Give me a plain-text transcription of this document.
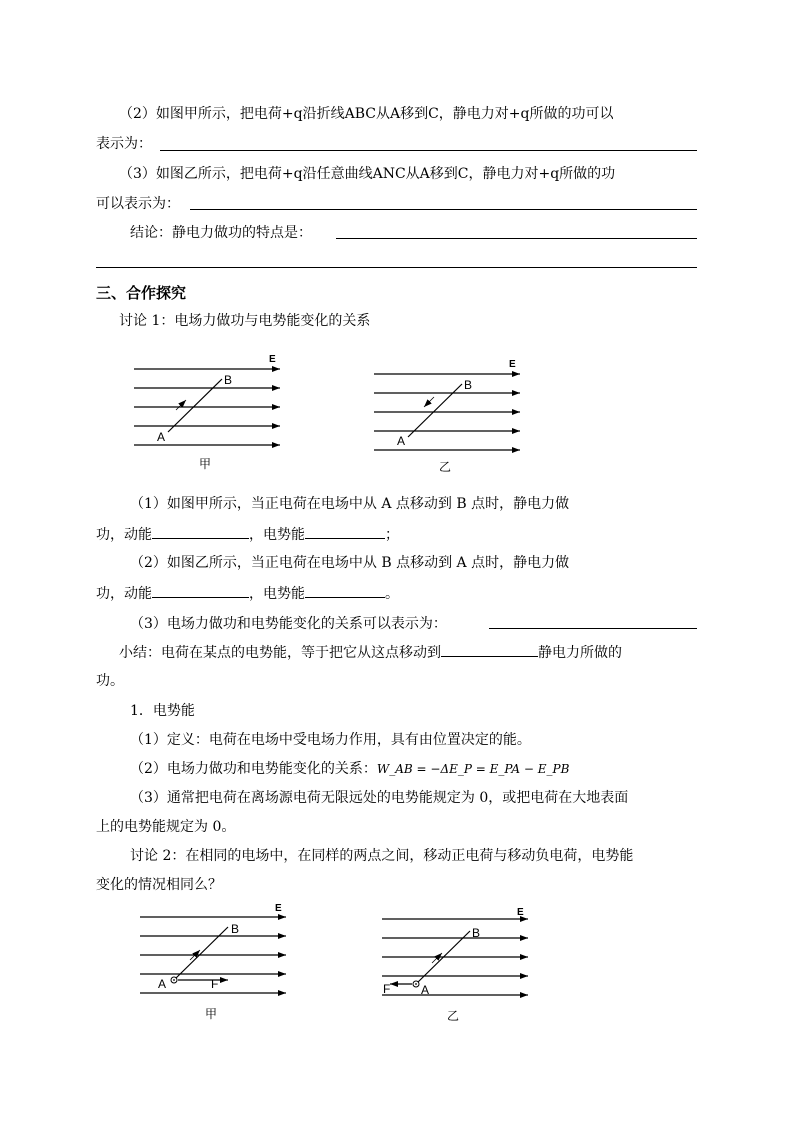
（2）如图甲所示，把电荷+q沿折线ABC从A移到C，静电力对+q所做的功可以
表示为：
（3）如图乙所示，把电荷+q沿任意曲线ANC从A移到C，静电力对+q所做的功
可以表示为：
结论：静电力做功的特点是：
三、合作探究
讨论 1：电场力做功与电势能变化的关系
E
B
A
甲
E
B
A
乙
（1）如图甲所示，当正电荷在电场中从 A 点移动到 B 点时，静电力做
功，动能	，电势能	；
（2）如图乙所示，当正电荷在电场中从 B 点移动到 A 点时，静电力做
功，动能	，电势能	。
（3）电场力做功和电势能变化的关系可以表示为：
小结：电荷在某点的电势能，等于把它从这点移动到	静电力所做的
功。
1．电势能
（1）定义：电荷在电场中受电场力作用，具有由位置决定的能。
（2）电场力做功和电势能变化的关系：W_AB = −ΔE_P = E_PA − E_PB
（3）通常把电荷在离场源电荷无限远处的电势能规定为 0，或把电荷在大地表面
上的电势能规定为 0。
讨论 2：在相同的电场中，在同样的两点之间，移动正电荷与移动负电荷，电势能
变化的情况相同么？
E
B
A	F
甲
E
B
F	A
乙
